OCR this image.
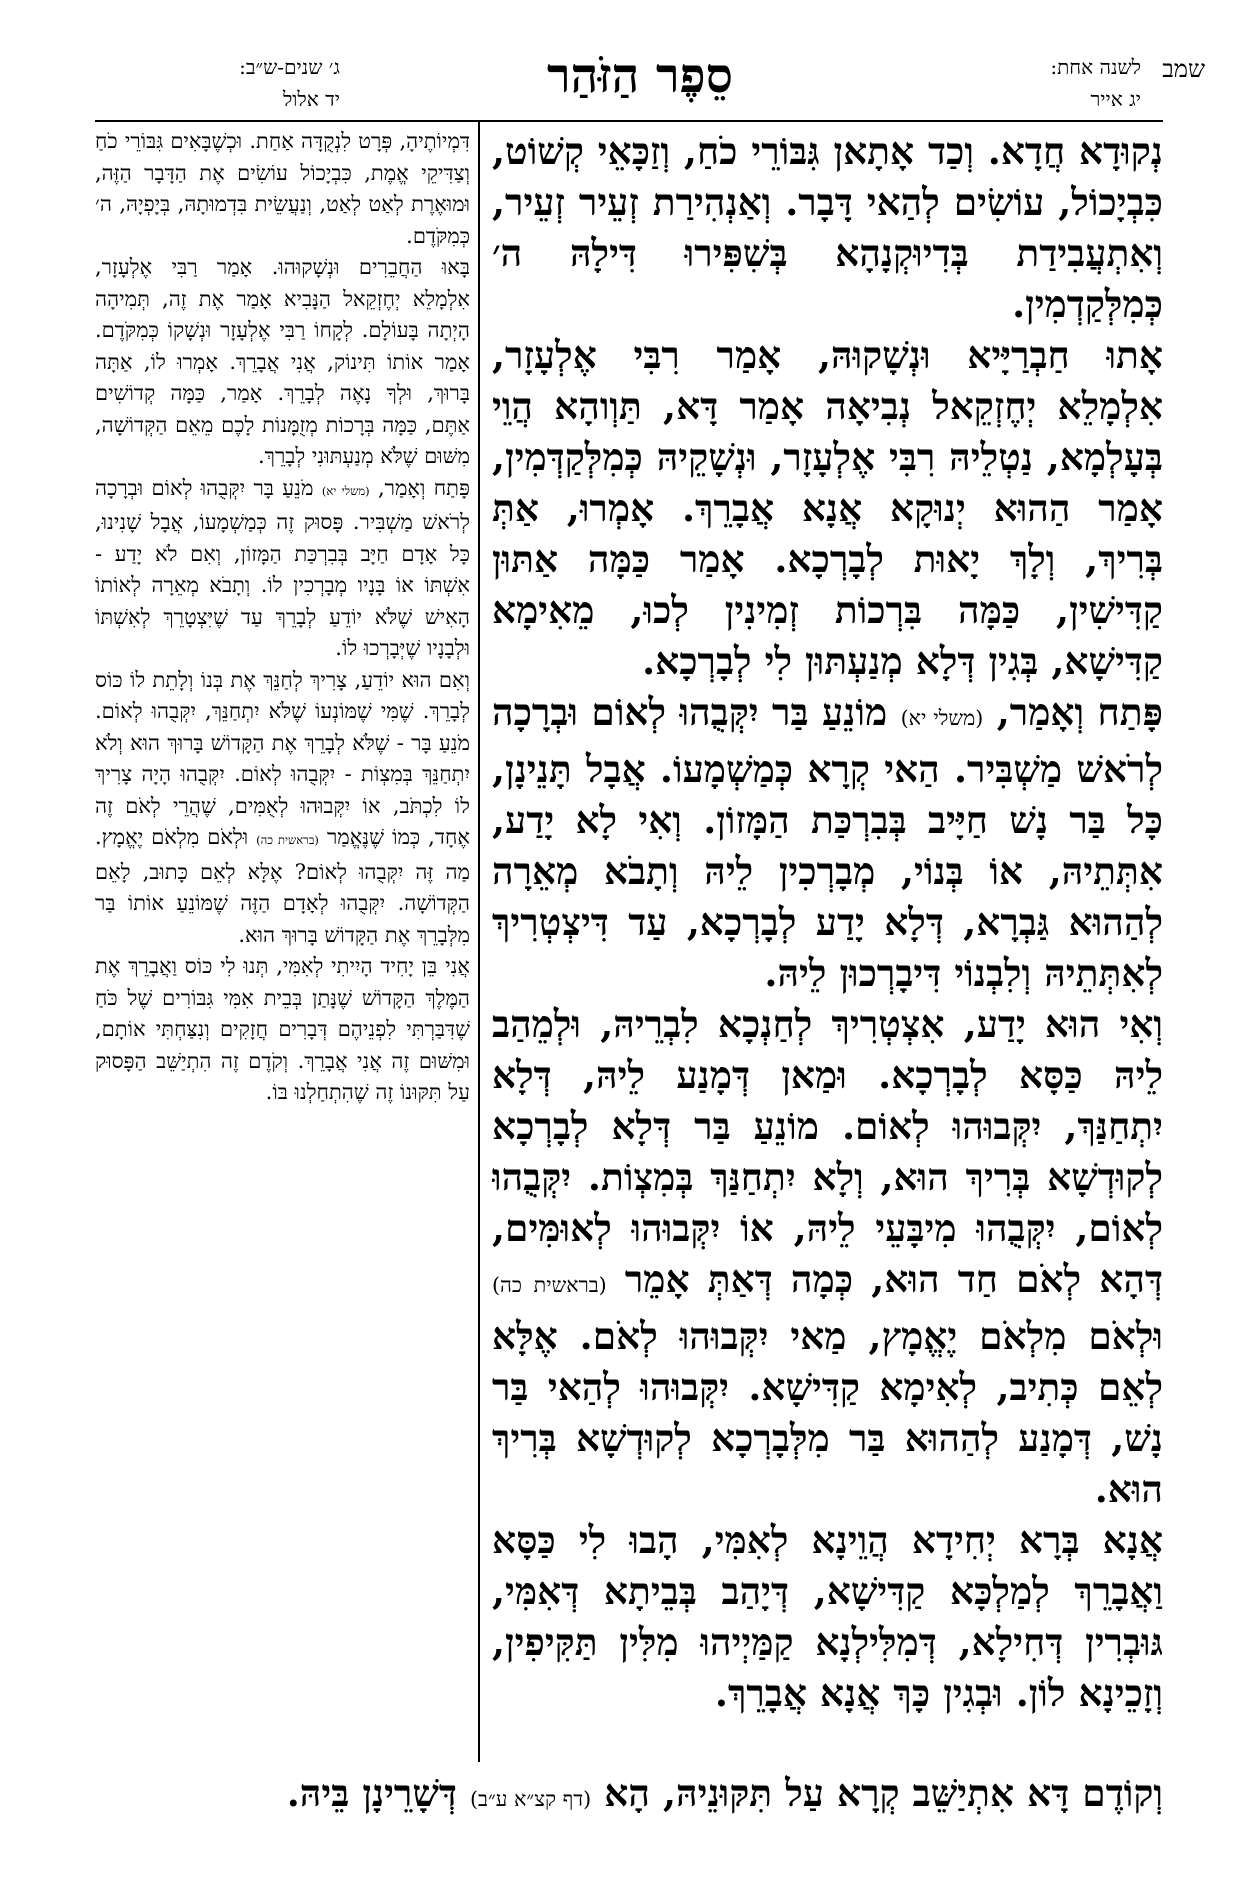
שמב
לשנה אחת:
יג אייר
סֵפֶר הַזֹּהַר
ג׳ שנים-ש״ב:
יד אלול

נְקוּדָא חֲדָא. וְכַד אָתָאן גִּבּוֹרֵי כֹחַ, וְזַכָּאֵי קְשׁוֹט, כִּבְיָכוֹל, עוֹשִׂים לְהַאי דָּבָר. וְאַנְהִירַת זְעֵיר זְעֵיר, וְאִתְעֲבִידַת בְּדִיוּקְנָהָא בְּשִׁפִּירוּ דִּילָהּ ה׳ כְּמִלְּקַדְמִין.

אָתוּ חַבְרַיָּיא וּנְשָׁקוּהּ, אָמַר רִבִּי אֶלְעָזָר, אִלְמָלֵא יְחֶזְקֵאל נְבִיאָה אָמַר דָּא, תַּוְוהָא הֲוֵי בְּעָלְמָא, נַטְלֵיהּ רִבִּי אֶלְעָזָר, וּנְשָׁקֵיהּ כְּמִלְּקַדְּמִין, אָמַר הַהוּא יְנוּקָא אֲנָא אֲבָרֵךְ. אָמְרוּ, אַתְּ בְּרִיךְ, וְלָךְ יָאוּת לְבָרְכָא. אָמַר כַּמָּה אַתּוּן קַדִּישִׁין, כַּמָּה בִּרְכוֹת זְמִינִין לְכוּ, מֵאִימָא קַדִּישָׁא, בְּגִין דְּלָא מְנַעְתּוּן לִי לְבָרְכָא.

פָּתַח וְאָמַר, (משלי יא) מוֹנֵעַ בַּר יִקְּבֻהוּ לְאוֹם וּבְרָכָה לְרֹאשׁ מַשְׁבִּיר. הַאי קְרָא כְּמַשְׁמָעוֹ. אֲבָל תָּנֵינָן, כָּל בַּר נָשׁ חַיָּיב בְּבִרְכַּת הַמָּזוֹן. וְאִי לָא יָדַע, אִתְּתֵיהּ, אוֹ בְּנוֹי, מְבָרְכִין לֵיהּ וְתָבֹא מְאֵרָה לְהַהוּא גַּבְרָא, דְּלָא יָדַע לְבָרְכָא, עַד דִּיצְטְרִיךְ לְאִתְּתֵיהּ וְלִבְנוֹי דִּיבָרְכוּן לֵיהּ.

וְאִי הוּא יָדַע, אִצְטְרִיךְ לְחַנְכָא לִבְרֵיהּ, וּלְמֵהַב לֵיהּ כַּסָּא לְבָרְכָא. וּמַאן דְּמָנַע לֵיהּ, דְּלָא יִתְחַנַּךְ, יִקְּבוּהוּ לְאוֹם. מוֹנֵעַ בַּר דְּלָא לְבָרְכָא לְקוּדְשָׁא בְּרִיךְ הוּא, וְלָא יִתְחַנַּךְ בְּמִצְוֹת. יִקְּבֻהוּ לְאוֹם, יִקְּבֻהוּ מִיבָּעֵי לֵיהּ, אוֹ יִקְּבוּהוּ לְאוּמִּים, דְּהָא לְאֹם חַד הוּא, כְּמָה דְּאַתְּ אָמֵר (בראשית כה) וּלְאֹם מִלְאֹם יֶאֱמָץ, מַאי יִקְּבוּהוּ לְאֹם. אֶלָּא לְאֵם כְּתִיב, לְאִימָא קַדִּישָׁא. יִקְּבוּהוּ לְהַאי בַּר נָשׁ, דְּמָנַע לְהַהוּא בַּר מִלְּבָרְכָא לְקוּדְשָׁא בְּרִיךְ הוּא.

אֲנָא בְּרָא יְחִידָא הֲוֵינָא לְאִמִּי, הָבוּ לִי כַּסָּא וַאֲבָרֵךְ לְמַלְכָּא קַדִּישָׁא, דְּיָהַב בְּבֵיתָא דְּאִמִּי, גּוּבְרִין דְּחִילָא, דְּמִלִּילְנָא קַמַּיְיהוּ מִלִּין תַּקִּיפִין, וְזָכֵינָא לוֹן. וּבְגִין כָּךְ אֲנָא אֲבָרֵךְ.

דִּמְיוֹתֶיהָ, פְּרָט לִנְקֻדָּה אַחַת. וּכְשֶׁבָּאִים גִּבּוֹרֵי כֹחַ וְצַדִּיקֵי אֱמֶת, כִּבְיָכוֹל עוֹשִׂים אֶת הַדָּבָר הַזֶּה, וּמוּאֶרֶת לְאַט לְאַט, וְנַעֲשֵׂית בִּדְמוּתָהּ, בְּיָפְיָהּ, ה׳ כְּמִקֹּדֶם.

בָּאוּ הַחֲבֵרִים וּנְשָׁקוּהוּ. אָמַר רַבִּי אֶלְעָזָר, אִלְמָלֵא יְחֶזְקֵאל הַנָּבִיא אָמַר אֶת זֶה, תְּמִיהָה הָיְתָה בָּעוֹלָם. לְקָחוֹ רַבִּי אֶלְעָזָר וּנְשָׁקוֹ כְּמִקֹּדֶם. אָמַר אוֹתוֹ תִּינוֹק, אֲנִי אֲבָרֵךְ. אָמְרוּ לוֹ, אַתָּה בָּרוּךְ, וּלְךָ נָאֶה לְבָרֵךְ. אָמַר, כַּמָּה קְדוֹשִׁים אַתֶּם, כַּמָּה בְּרָכוֹת מְזֻמָּנוֹת לָכֶם מֵאֵם הַקְּדוֹשָׁה, מִשּׁוּם שֶׁלֹּא מְנַעְתּוּנִי לְבָרֵךְ.

פָּתַח וְאָמַר, (משלי יא) מֹנֵעַ בָּר יִקְּבֻהוּ לְאוֹם וּבְרָכָה לְרֹאשׁ מַשְׁבִּיר. פָּסוּק זֶה כְּמַשְׁמָעוֹ, אֲבָל שָׁנִינוּ, כָּל אָדָם חַיָּב בְּבִרְכַּת הַמָּזוֹן, וְאִם לֹא יָדַע - אִשְׁתּוֹ אוֹ בָּנָיו מְבָרְכִין לוֹ. וְתָבֹא מְאֵרָה לְאוֹתוֹ הָאִישׁ שֶׁלֹּא יוֹדֵעַ לְבָרֵךְ עַד שֶׁיִּצְטָרֵךְ לְאִשְׁתּוֹ וּלְבָנָיו שֶׁיְּבָרְכוּ לוֹ.

וְאִם הוּא יוֹדֵעַ, צָרִיךְ לְחַנֵּךְ אֶת בְּנוֹ וְלָתֵת לוֹ כּוֹס לְבָרֵךְ. שֶׁמִּי שֶׁמּוֹנְעוֹ שֶׁלֹּא יִתְחַנֵּךְ, יִקְּבֻהוּ לְאוֹם. מֹנֵעַ בָּר - שֶׁלֹּא לְבָרֵךְ אֶת הַקָּדוֹשׁ בָּרוּךְ הוּא וְלֹא יִתְחַנֵּךְ בְּמִצְוֹת - יִקְּבֻהוּ לְאוֹם. יִקְּבֻהוּ הָיָה צָרִיךְ לוֹ לִכְתֹּב, אוֹ יִקְּבוּהוּ לְאֻמִּים, שֶׁהֲרֵי לְאֹם זֶה אֶחָד, כְּמוֹ שֶׁנֶּאֱמַר (בראשית כה) וּלְאֹם מִלְאֹם יֶאֱמָץ. מַה זֶּה יִקְּבֻהוּ לְאוֹם? אֶלָּא לְאֵם כָּתוּב, לָאֵם הַקְּדוֹשָׁה. יִקְּבֻהוּ לְאָדָם הַזֶּה שֶׁמּוֹנֵעַ אוֹתוֹ בַּר מִלְּבָרֵךְ אֶת הַקָּדוֹשׁ בָּרוּךְ הוּא.

אֲנִי בֵּן יָחִיד הָיִיתִי לְאִמִּי, תְּנוּ לִי כּוֹס וַאֲבָרֵךְ אֶת הַמֶּלֶךְ הַקָּדוֹשׁ שֶׁנָּתַן בְּבֵית אִמִּי גִּבּוֹרִים שֶׁל כֹּחַ שֶׁדִּבַּרְתִּי לִפְנֵיהֶם דְּבָרִים חֲזָקִים וְנִצַּחְתִּי אוֹתָם, וּמִשּׁוּם זֶה אֲנִי אֲבָרֵךְ. וְקֹדֶם זֶה הִתְיַשֵּׁב הַפָּסוּק עַל תִּקּוּנוֹ זֶה שֶׁהִתְחַלְנוּ בּוֹ.

וְקוֹדֶם דָּא אִתְיַשֵּׁב קְרָא עַל תִּקּוּנֵיהּ, הָא (דף קצ״א ע״ב) דְּשָׁרֵינָן בֵּיהּ.
